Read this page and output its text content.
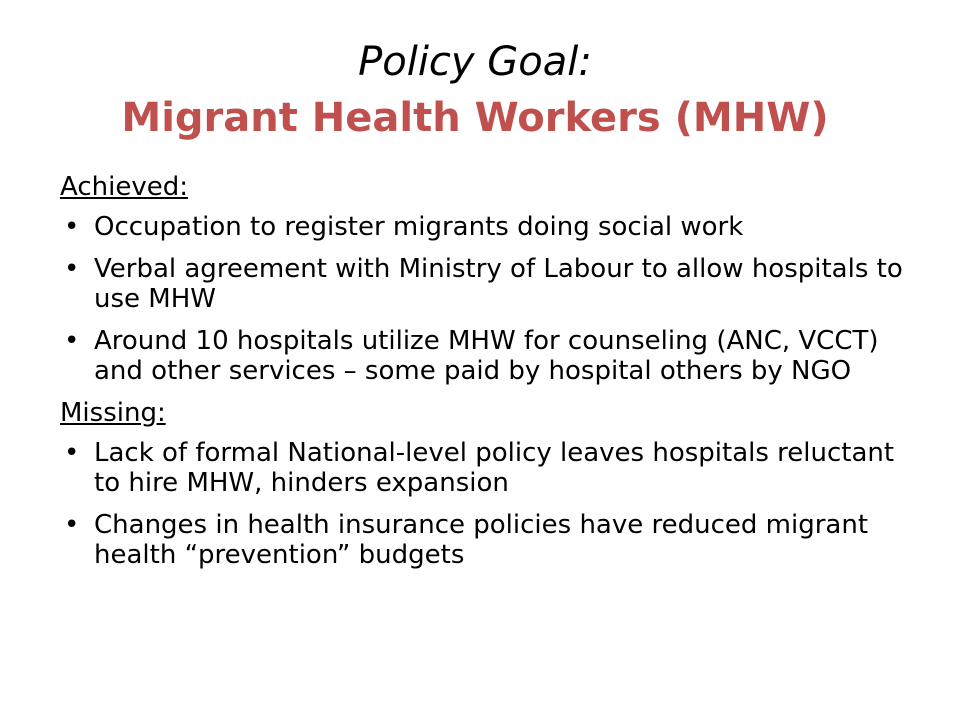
Policy Goal:
Migrant Health Workers (MHW)
Achieved:
• Occupation to register migrants doing social work
• Verbal agreement with Ministry of Labour to allow hospitals to use MHW
• Around 10 hospitals utilize MHW for counseling (ANC, VCCT) and other services – some paid by hospital others by NGO
Missing:
• Lack of formal National-level policy leaves hospitals reluctant to hire MHW, hinders expansion
• Changes in health insurance policies have reduced migrant health “prevention” budgets
